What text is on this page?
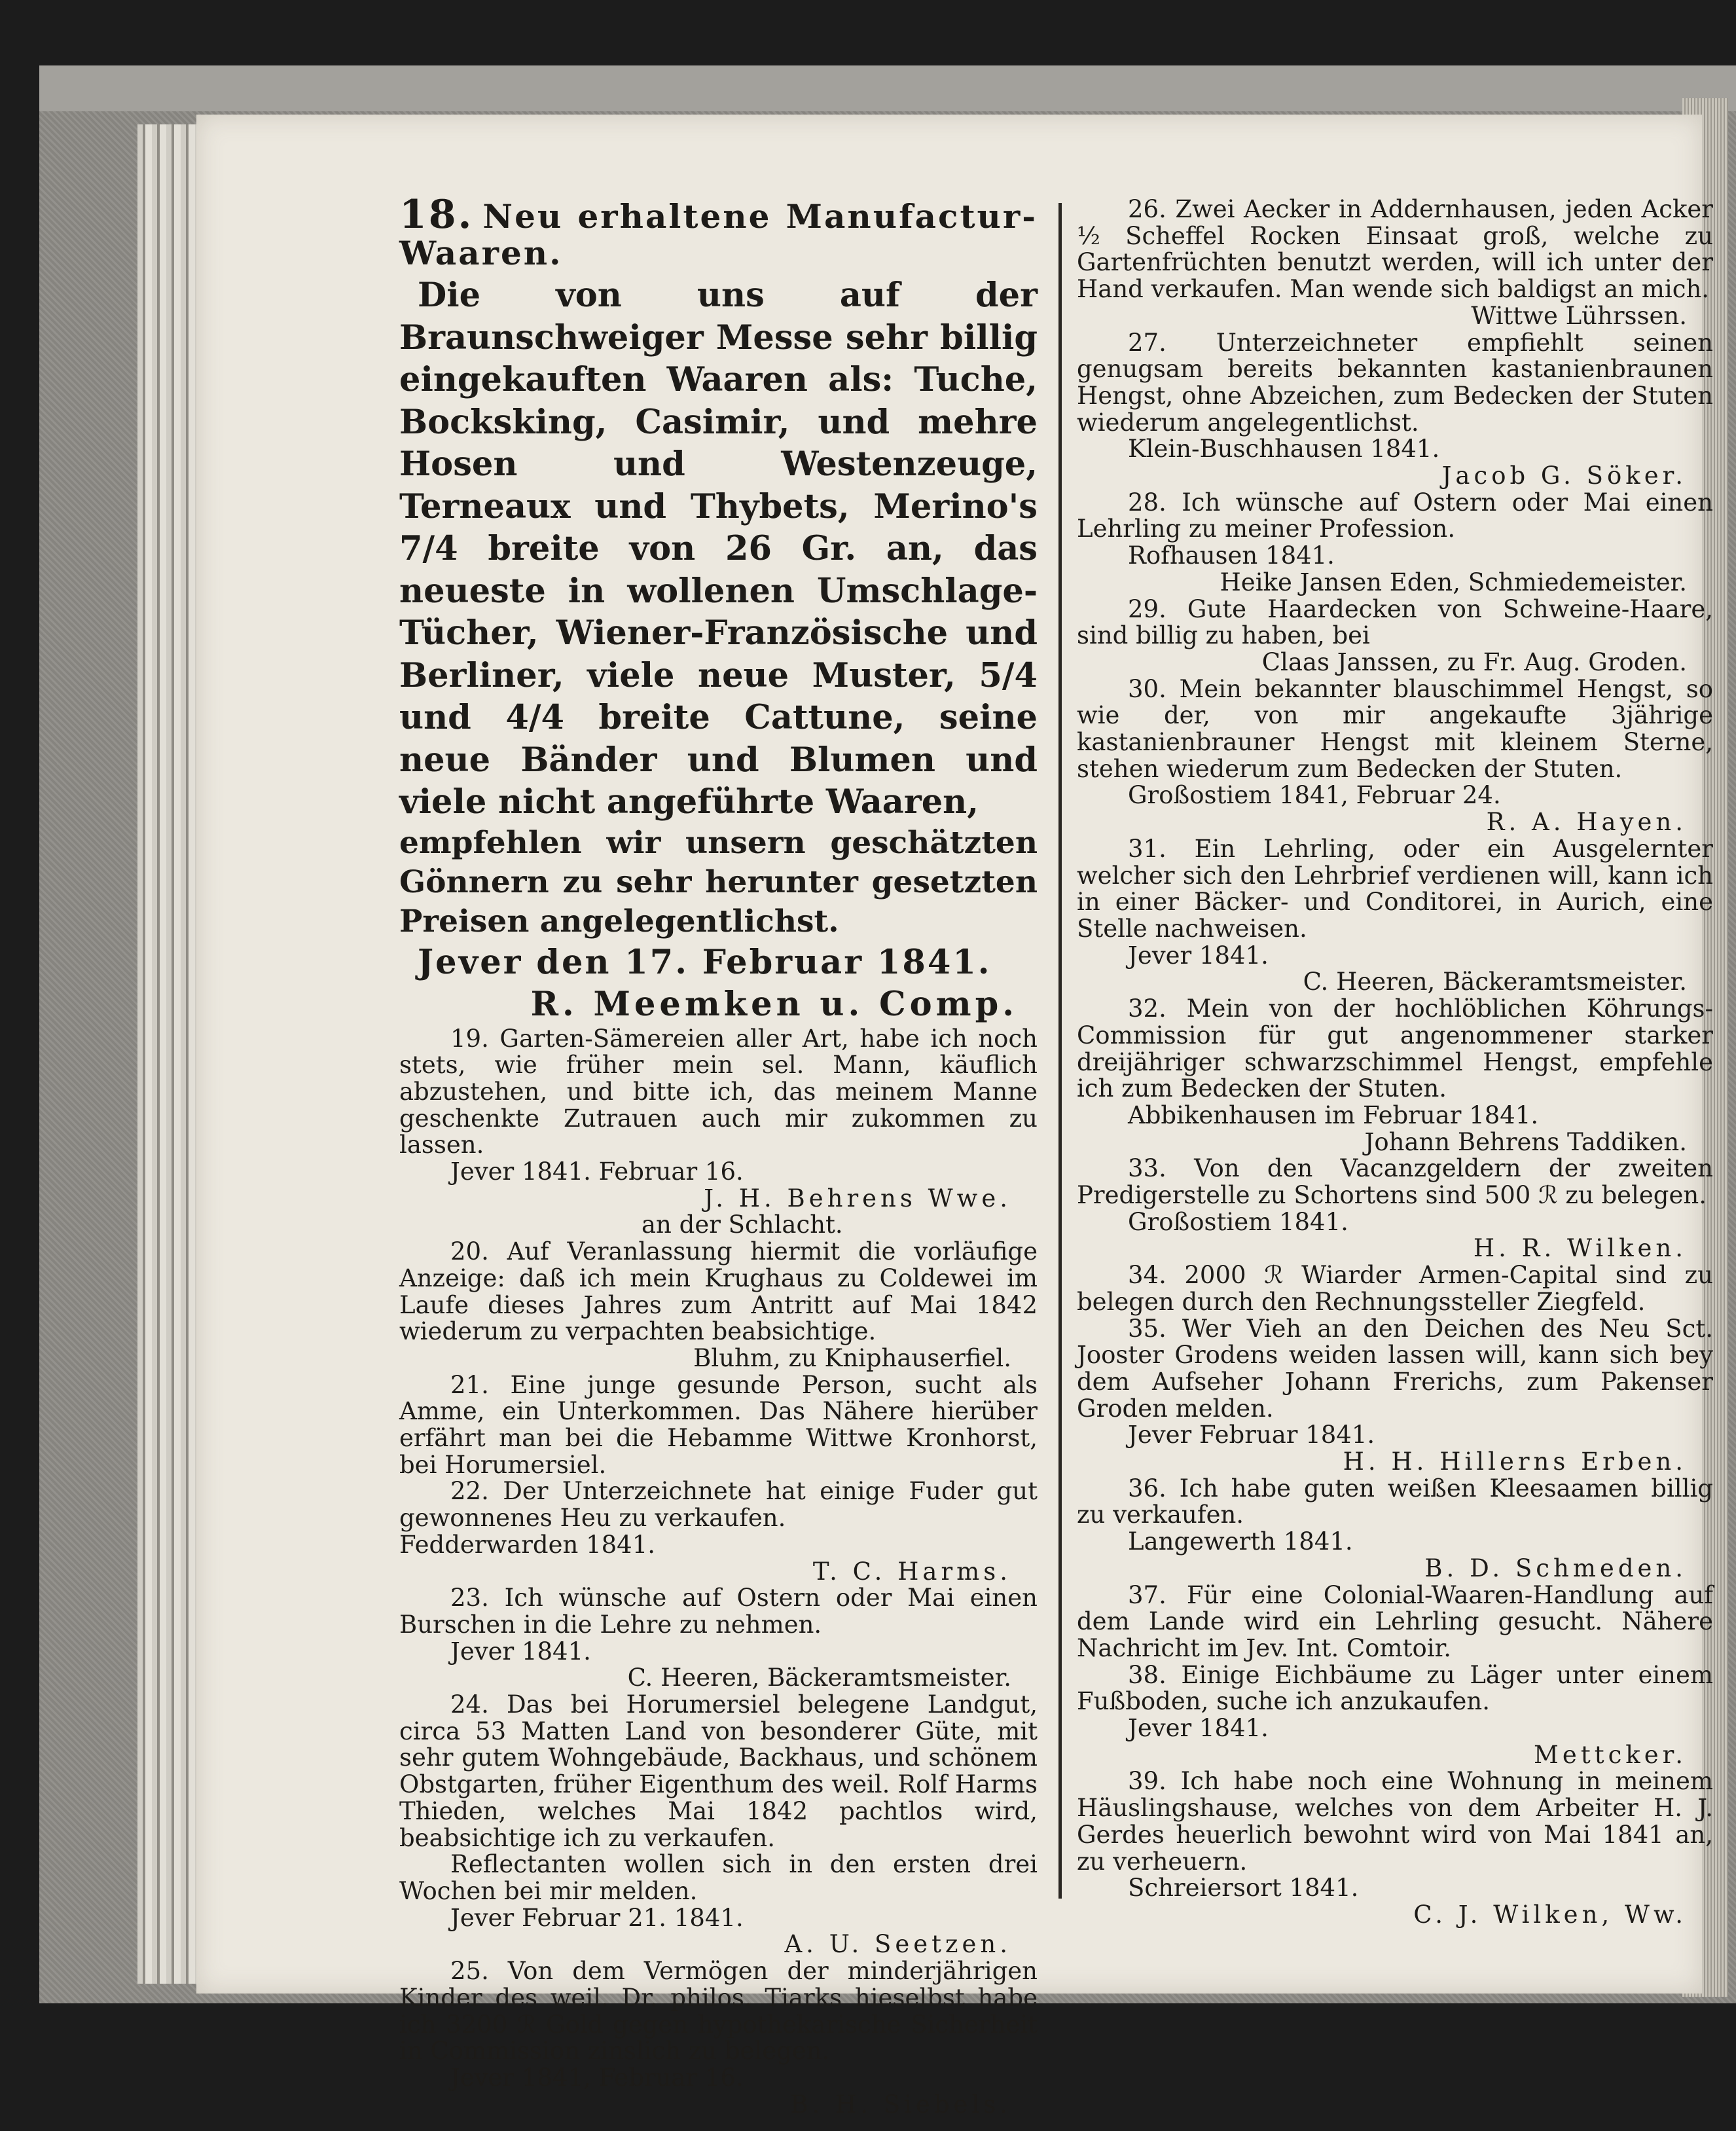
18. Neu erhaltene Manufactur-Waaren.

Die von uns auf der Braunschweiger Messe sehr billig eingekauften Waaren als: Tuche, Bocksking, Casimir, und mehre Hosen und Westenzeuge, Terneaux und Thybets, Merino's 7/4 breite von 26 Gr. an, das neueste in wollenen Umschlage-Tücher, Wiener-Französische und Berliner, viele neue Muster, 5/4 und 4/4 breite Cattune, seine neue Bänder und Blumen und viele nicht angeführte Waaren,

empfehlen wir unsern geschätzten Gönnern zu sehr herunter gesetzten Preisen angelegentlichst.

Jever den 17. Februar 1841.

R. Meemken u. Comp.

19. Garten-Sämereien aller Art, habe ich noch stets, wie früher mein sel. Mann, käuflich abzustehen, und bitte ich, das meinem Manne geschenkte Zutrauen auch mir zukommen zu lassen.

Jever 1841. Februar 16.

J. H. Behrens Wwe.

an der Schlacht.

20. Auf Veranlassung hiermit die vorläufige Anzeige: daß ich mein Krughaus zu Coldewei im Laufe dieses Jahres zum Antritt auf Mai 1842 wiederum zu verpachten beabsichtige.

Bluhm, zu Kniphauserfiel.

21. Eine junge gesunde Person, sucht als Amme, ein Unterkommen. Das Nähere hierüber erfährt man bei die Hebamme Wittwe Kronhorst, bei Horumersiel.

22. Der Unterzeichnete hat einige Fuder gut gewonnenes Heu zu verkaufen.

Fedderwarden 1841.

T. C. Harms.

23. Ich wünsche auf Ostern oder Mai einen Burschen in die Lehre zu nehmen.

Jever 1841.

C. Heeren, Bäckeramtsmeister.

24. Das bei Horumersiel belegene Landgut, circa 53 Matten Land von besonderer Güte, mit sehr gutem Wohngebäude, Backhaus, und schönem Obstgarten, früher Eigenthum des weil. Rolf Harms Thieden, welches Mai 1842 pachtlos wird, beabsichtige ich zu verkaufen.

Reflectanten wollen sich in den ersten drei Wochen bei mir melden.

Jever Februar 21. 1841.

A. U. Seetzen.

25. Von dem Vermögen der minderjährigen Kinder des weil. Dr. philos. Tiarks hieselbst habe ich 3200 ℛ Gold gegen hypothekarische Sicherheit in Commission zinslich zu belegen.

Jever 1841, Februar 16.

B. H. Siebels.

26. Zwei Aecker in Addernhausen, jeden Acker ½ Scheffel Rocken Einsaat groß, welche zu Gartenfrüchten benutzt werden, will ich unter der Hand verkaufen. Man wende sich baldigst an mich.

Wittwe Lührssen.

27. Unterzeichneter empfiehlt seinen genugsam bereits bekannten kastanienbraunen Hengst, ohne Abzeichen, zum Bedecken der Stuten wiederum angelegentlichst.

Klein-Buschhausen 1841.

Jacob G. Söker.

28. Ich wünsche auf Ostern oder Mai einen Lehrling zu meiner Profession.

Rofhausen 1841.

Heike Jansen Eden, Schmiedemeister.

29. Gute Haardecken von Schweine-Haare, sind billig zu haben, bei

Claas Janssen, zu Fr. Aug. Groden.

30. Mein bekannter blauschimmel Hengst, so wie der, von mir angekaufte 3jährige kastanienbrauner Hengst mit kleinem Sterne, stehen wiederum zum Bedecken der Stuten.

Großostiem 1841, Februar 24.

R. A. Hayen.

31. Ein Lehrling, oder ein Ausgelernter welcher sich den Lehrbrief verdienen will, kann ich in einer Bäcker- und Conditorei, in Aurich, eine Stelle nachweisen.

Jever 1841.

C. Heeren, Bäckeramtsmeister.

32. Mein von der hochlöblichen Köhrungs-Commission für gut angenommener starker dreijähriger schwarzschimmel Hengst, empfehle ich zum Bedecken der Stuten.

Abbikenhausen im Februar 1841.

Johann Behrens Taddiken.

33. Von den Vacanzgeldern der zweiten Predigerstelle zu Schortens sind 500 ℛ zu belegen.

Großostiem 1841.

H. R. Wilken.

34. 2000 ℛ Wiarder Armen-Capital sind zu belegen durch den Rechnungssteller Ziegfeld.

35. Wer Vieh an den Deichen des Neu Sct. Jooster Grodens weiden lassen will, kann sich bey dem Aufseher Johann Frerichs, zum Pakenser Groden melden.

Jever Februar 1841.

H. H. Hillerns Erben.

36. Ich habe guten weißen Kleesaamen billig zu verkaufen.

Langewerth 1841.

B. D. Schmeden.

37. Für eine Colonial-Waaren-Handlung auf dem Lande wird ein Lehrling gesucht. Nähere Nachricht im Jev. Int. Comtoir.

38. Einige Eichbäume zu Läger unter einem Fußboden, suche ich anzukaufen.

Jever 1841.

Mettcker.

39. Ich habe noch eine Wohnung in meinem Häuslingshause, welches von dem Arbeiter H. J. Gerdes heuerlich bewohnt wird von Mai 1841 an, zu verheuern.

Schreiersort 1841.

C. J. Wilken, Ww.
